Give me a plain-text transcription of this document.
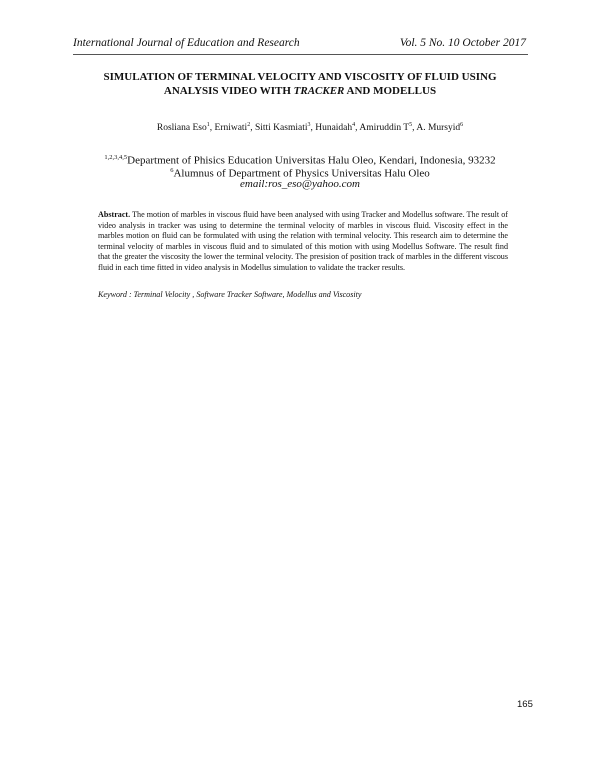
International Journal of Education and Research	Vol. 5 No. 10 October 2017
SIMULATION OF TERMINAL VELOCITY AND VISCOSITY OF FLUID USING
ANALYSIS VIDEO WITH TRACKER AND MODELLUS
Rosliana Eso$^1$, Erniwati$^2$, Sitti Kasmiati$^3$, Hunaidah$^4$, Amiruddin $T^5$, A. Mursyid$^6$
$^{1,2,3,4,5}$Department of Phisics Education Universitas Halu Oleo, Kendari, Indonesia, 93232
$^6$Alumnus of Department of Physics Universitas Halu Oleo
email:ros_eso@yahoo.com
Abstract. The motion of marbles in viscous fluid have been analysed with using Tracker and Modellus software. The result of video analysis in tracker was using to determine the terminal velocity of marbles in viscous fluid. Viscosity effect in the marbles motion on fluid can be formulated with using the relation with terminal velocity. This research aim to determine the terminal velocity of marbles in viscous fluid and to simulated of this motion with using Modellus Software. The result find that the greater the viscosity the lower the terminal velocity. The presision of position track of marbles in the different viscous fluid in each time fitted in video analysis in Modellus simulation to validate the tracker results.
Keyword : Terminal Velocity , Software Tracker Software, Modellus and Viscosity
165
